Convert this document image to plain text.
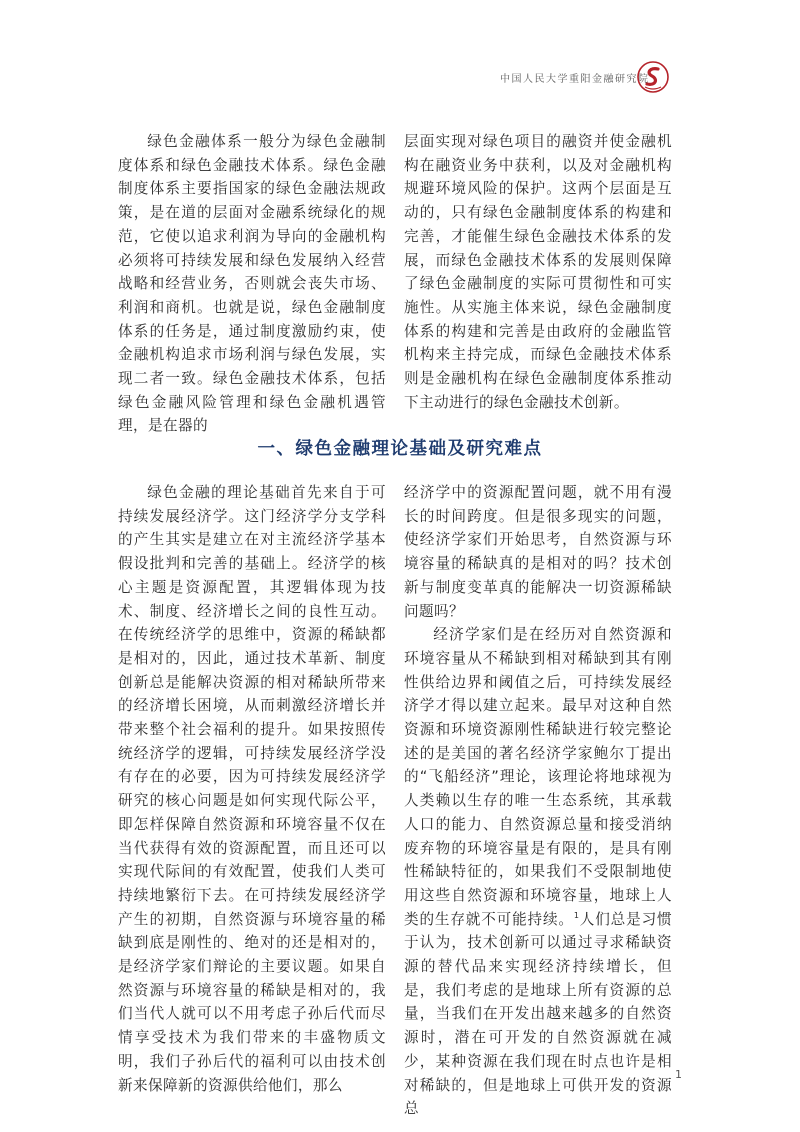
中国人民大学重阳金融研究院

绿色金融体系一般分为绿色金融制度体系和绿色金融技术体系。绿色金融制度体系主要指国家的绿色金融法规政策，是在道的层面对金融系统绿化的规范，它使以追求利润为导向的金融机构必须将可持续发展和绿色发展纳入经营战略和经营业务，否则就会丧失市场、利润和商机。也就是说，绿色金融制度体系的任务是，通过制度激励约束，使金融机构追求市场利润与绿色发展，实现二者一致。绿色金融技术体系，包括绿色金融风险管理和绿色金融机遇管理，是在器的

层面实现对绿色项目的融资并使金融机构在融资业务中获利，以及对金融机构规避环境风险的保护。这两个层面是互动的，只有绿色金融制度体系的构建和完善，才能催生绿色金融技术体系的发展，而绿色金融技术体系的发展则保障了绿色金融制度的实际可贯彻性和可实施性。从实施主体来说，绿色金融制度体系的构建和完善是由政府的金融监管机构来主持完成，而绿色金融技术体系则是金融机构在绿色金融制度体系推动下主动进行的绿色金融技术创新。

一、绿色金融理论基础及研究难点

绿色金融的理论基础首先来自于可持续发展经济学。这门经济学分支学科的产生其实是建立在对主流经济学基本假设批判和完善的基础上。经济学的核心主题是资源配置，其逻辑体现为技术、制度、经济增长之间的良性互动。在传统经济学的思维中，资源的稀缺都是相对的，因此，通过技术革新、制度创新总是能解决资源的相对稀缺所带来的经济增长困境，从而刺激经济增长并带来整个社会福利的提升。如果按照传统经济学的逻辑，可持续发展经济学没有存在的必要，因为可持续发展经济学研究的核心问题是如何实现代际公平，即怎样保障自然资源和环境容量不仅在当代获得有效的资源配置，而且还可以实现代际间的有效配置，使我们人类可持续地繁衍下去。在可持续发展经济学产生的初期，自然资源与环境容量的稀缺到底是刚性的、绝对的还是相对的，是经济学家们辩论的主要议题。如果自然资源与环境容量的稀缺是相对的，我们当代人就可以不用考虑子孙后代而尽情享受技术为我们带来的丰盛物质文明，我们子孙后代的福利可以由技术创新来保障新的资源供给他们，那么

经济学中的资源配置问题，就不用有漫长的时间跨度。但是很多现实的问题，使经济学家们开始思考，自然资源与环境容量的稀缺真的是相对的吗？技术创新与制度变革真的能解决一切资源稀缺问题吗？

经济学家们是在经历对自然资源和环境容量从不稀缺到相对稀缺到其有刚性供给边界和阈值之后，可持续发展经济学才得以建立起来。最早对这种自然资源和环境资源刚性稀缺进行较完整论述的是美国的著名经济学家鲍尔丁提出的“飞船经济”理论，该理论将地球视为人类赖以生存的唯一生态系统，其承载人口的能力、自然资源总量和接受消纳废弃物的环境容量是有限的，是具有刚性稀缺特征的，如果我们不受限制地使用这些自然资源和环境容量，地球上人类的生存就不可能持续。$^1$人们总是习惯于认为，技术创新可以通过寻求稀缺资源的替代品来实现经济持续增长，但是，我们考虑的是地球上所有资源的总量，当我们在开发出越来越多的自然资源时，潜在可开发的自然资源就在减少，某种资源在我们现在时点也许是相对稀缺的，但是地球上可供开发的资源总

1
